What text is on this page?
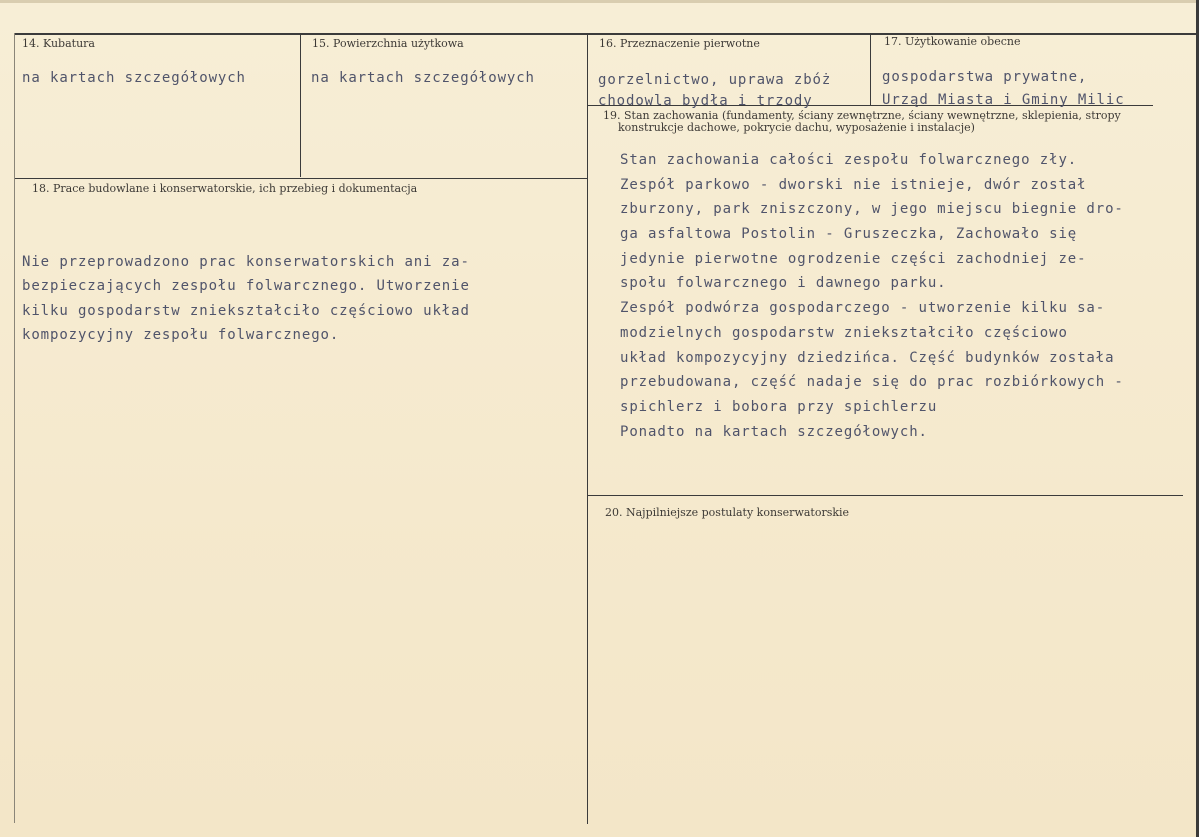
14. Kubatura
na kartach szczegółowych
15. Powierzchnia użytkowa
na kartach szczegółowych
16. Przeznaczenie pierwotne
gorzelnictwo, uprawa zbóż
chodowla bydła i trzody
17. Użytkowanie obecne
gospodarstwa prywatne,
Urząd Miasta i Gminy Milic
18. Prace budowlane i konserwatorskie, ich przebieg i dokumentacja
Nie przeprowadzono prac konserwatorskich ani za-
bezpieczających zespołu folwarcznego. Utworzenie
kilku gospodarstw zniekształciło częściowo układ
kompozycyjny zespołu folwarcznego.
19. Stan zachowania (fundamenty, ściany zewnętrzne, ściany wewnętrzne, sklepienia, stropy
konstrukcje dachowe, pokrycie dachu, wyposażenie i instalacje)
Stan zachowania całości zespołu folwarcznego zły.
Zespół parkowo - dworski nie istnieje, dwór został
zburzony, park zniszczony, w jego miejscu biegnie dro-
ga asfaltowa Postolin - Gruszeczka, Zachowało się
jedynie pierwotne ogrodzenie części zachodniej ze-
społu folwarcznego i dawnego parku.
Zespół podwórza gospodarczego - utworzenie kilku sa-
modzielnych gospodarstw zniekształciło częściowo
układ kompozycyjny dziedzińca. Część budynków została
przebudowana, część nadaje się do prac rozbiórkowych -
spichlerz i bobora przy spichlerzu
Ponadto na kartach szczegółowych.
20. Najpilniejsze postulaty konserwatorskie
